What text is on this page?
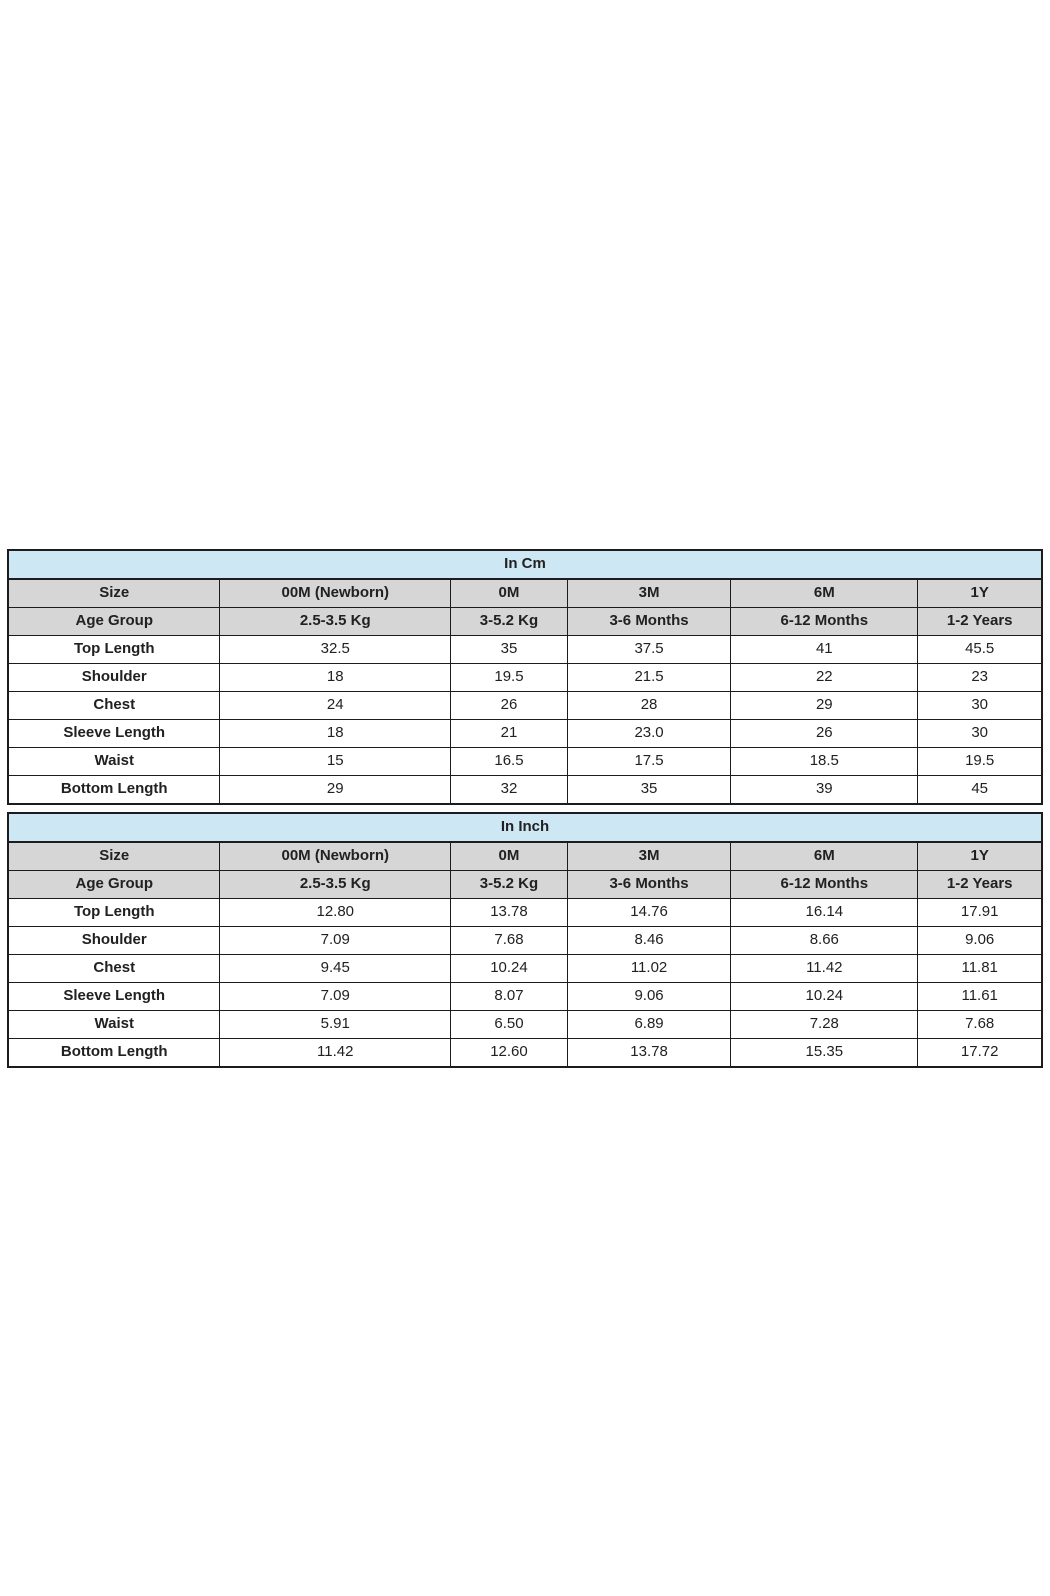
In Cm					
Size	00M (Newborn)	0M	3M	6M	1Y
Age Group	2.5-3.5 Kg	3-5.2 Kg	3-6 Months	6-12 Months	1-2 Years
Top Length	32.5	35	37.5	41	45.5
Shoulder	18	19.5	21.5	22	23
Chest	24	26	28	29	30
Sleeve Length	18	21	23.0	26	30
Waist	15	16.5	17.5	18.5	19.5
Bottom Length	29	32	35	39	45
In Inch					
Size	00M (Newborn)	0M	3M	6M	1Y
Age Group	2.5-3.5 Kg	3-5.2 Kg	3-6 Months	6-12 Months	1-2 Years
Top Length	12.80	13.78	14.76	16.14	17.91
Shoulder	7.09	7.68	8.46	8.66	9.06
Chest	9.45	10.24	11.02	11.42	11.81
Sleeve Length	7.09	8.07	9.06	10.24	11.61
Waist	5.91	6.50	6.89	7.28	7.68
Bottom Length	11.42	12.60	13.78	15.35	17.72
